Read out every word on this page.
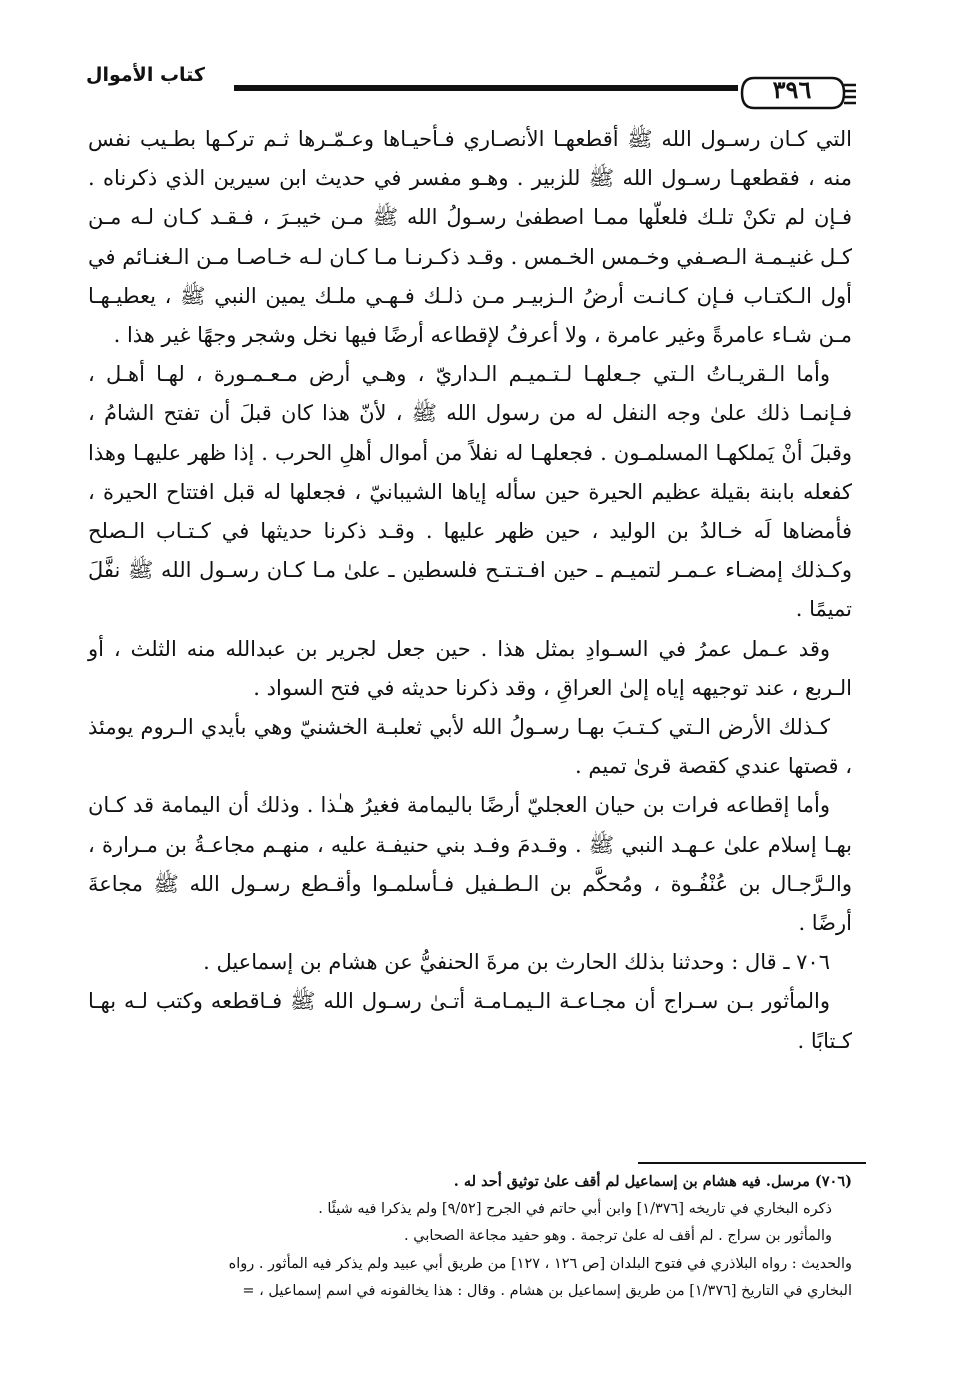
كتاب الأموال	٣٩٦

التي كـان رسـول الله ﷺ أقطعهـا الأنصـاري فـأحيـاها وعـمّـرها ثـم تركـها بطـيب نفس منه ، فقطعهـا رسـول الله ﷺ للزبير . وهـو مفسر في حديث ابن سيرين الذي ذكرناه . فـإن لم تكنْ تلـك فلعلّها ممـا اصطفىٰ رسـولُ الله ﷺ مـن خيبـرَ ، فـقـد كـان لـه مـن كـل غنيـمـة الـصـفي وخـمس الخـمس . وقـد ذكـرنـا مـا كـان لـه خـاصـا مـن الـغنـائم في أول الـكتـاب فـإن كـانـت أرضُ الـزبيـر مـن ذلـك فـهـي ملـك يمين النبي ﷺ ، يعطيـهـا مـن شـاء عامرةً وغير عامرة ، ولا أعرفُ لإقطاعه أرضًا فيها نخل وشجر وجهًا غير هذا .

وأما الـقريـاتُ الـتي جـعلهـا لـتـميـم الـداريّ ، وهـي أرض مـعـمـورة ، لهـا أهـل ، فـإنمـا ذلك علىٰ وجه النفل له من رسول الله ﷺ ، لأنّ هذا كان قبلَ أن تفتح الشامُ ، وقبلَ أنْ يَملكهـا المسلمـون . فجعلهـا له نفلاً من أموال أهلِ الحرب . إذا ظهر عليهـا وهذا كفعله بابنة بقيلة عظيم الحيرة حين سأله إياها الشيبانيّ ، فجعلها له قبل افتتاح الحيرة ، فأمضاها لَه خـالدُ بن الوليد ، حين ظهر عليها . وقـد ذكرنا حديثها في كـتـاب الـصلح وكـذلك إمضـاء عـمـر لتميـم ـ حين افـتـتـح فلسطين ـ علىٰ مـا كـان رسـول الله ﷺ نفَّلَ تميمًا .

وقد عـمل عمرُ في السـوادِ بمثل هذا . حين جعل لجرير بن عبدالله منه الثلث ، أو الـربع ، عند توجيهه إياه إلىٰ العراقِ ، وقد ذكرنا حديثه في فتح السواد .

كـذلك الأرض الـتي كـتـبَ بهـا رسـولُ الله لأبي ثعلبـة الخشنيّ وهي بأيدي الـروم يومئذ ، قصتها عندي كقصة قرىٰ تميم .

وأما إقطاعه فرات بن حيان العجليّ أرضًا باليمامة فغيرُ هـٰذا . وذلك أن اليمامة قد كـان بهـا إسلام علىٰ عـهـد النبي ﷺ . وقـدمَ وفـد بني حنيفـة عليه ، منهـم مجاعـةُ بن مـرارة ، والـرَّجـال بن عُنْفُـوة ، ومُحكَّم بن الـطـفيل فـأسلمـوا وأقـطع رسـول الله ﷺ مجاعةَ أرضًا .

٧٠٦ ـ قال : وحدثنا بذلك الحارث بن مرةَ الحنفيُّ عن هشام بن إسماعيل .

والمأثور بـن سـراج أن مجـاعـة الـيمـامـة أتـىٰ رسـول الله ﷺ فـاقطعه وكتب لـه بهـا كـتابًا .

(٧٠٦) مرسل. فيه هشام بن إسماعيل لم أقف علىٰ توثيق أحد له .

ذكره البخاري في تاريخه [١/٣٧٦] وابن أبي حاتم في الجرح [٩/٥٢] ولم يذكرا فيه شيئًا .

والمأثور بن سراج . لم أقف له علىٰ ترجمة . وهو حفيد مجاعة الصحابي .

والحديث : رواه البلاذري في فتوح البلدان [ص ١٢٦ ، ١٢٧] من طريق أبي عبيد ولم يذكر فيه المأثور . رواه

البخاري في التاريخ [١/٣٧٦] من طريق إسماعيل بن هشام . وقال : هذا يخالفونه في اسم إسماعيل ، =
